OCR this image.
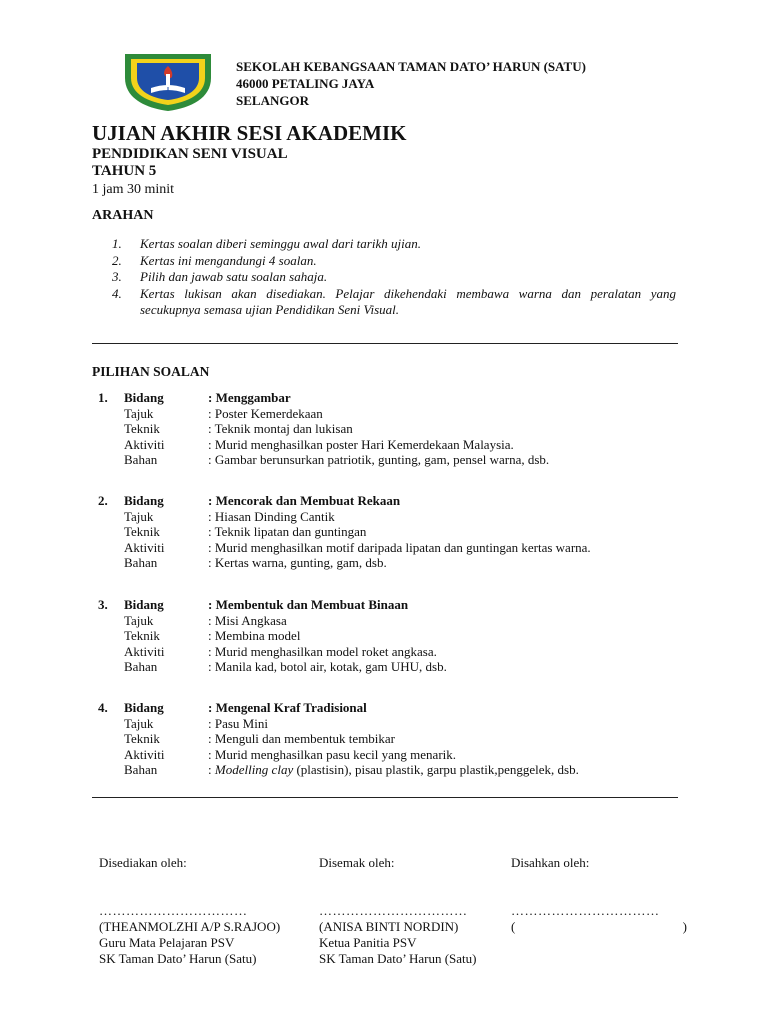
SEKOLAH KEBANGSAAN TAMAN DATO’ HARUN (SATU)
46000 PETALING JAYA
SELANGOR
UJIAN AKHIR SESI AKADEMIK
PENDIDIKAN SENI VISUAL
TAHUN 5
1 jam 30 minit
ARAHAN
1.	Kertas soalan diberi seminggu awal dari tarikh ujian.
2.	Kertas ini mengandungi 4 soalan.
3.	Pilih dan jawab satu soalan sahaja.
4.	Kertas lukisan akan disediakan. Pelajar dikehendaki membawa warna dan peralatan yang secukupnya semasa ujian Pendidikan Seni Visual.
PILIHAN SOALAN
1.	Bidang	: Menggambar
Tajuk	: Poster Kemerdekaan
Teknik	: Teknik montaj dan lukisan
Aktiviti	: Murid menghasilkan poster Hari Kemerdekaan Malaysia.
Bahan	: Gambar berunsurkan patriotik, gunting, gam, pensel warna, dsb.
2.	Bidang	: Mencorak dan Membuat Rekaan
Tajuk	: Hiasan Dinding Cantik
Teknik	: Teknik lipatan dan guntingan
Aktiviti	: Murid menghasilkan motif daripada lipatan dan guntingan kertas warna.
Bahan	: Kertas warna, gunting, gam, dsb.
3.	Bidang	: Membentuk dan Membuat Binaan
Tajuk	: Misi Angkasa
Teknik	: Membina model
Aktiviti	: Murid menghasilkan model roket angkasa.
Bahan	: Manila kad, botol air, kotak, gam UHU, dsb.
4.	Bidang	: Mengenal Kraf Tradisional
Tajuk	: Pasu Mini
Teknik	: Menguli dan membentuk tembikar
Aktiviti	: Murid menghasilkan pasu kecil yang menarik.
Bahan	: Modelling clay (plastisin), pisau plastik, garpu plastik,penggelek, dsb.
Disediakan oleh:
……………………………
(THEANMOLZHI A/P S.RAJOO)
Guru Mata Pelajaran PSV
SK Taman Dato’ Harun (Satu)
Disemak oleh:
……………………………
(ANISA BINTI NORDIN)
Ketua Panitia PSV
SK Taman Dato’ Harun (Satu)
Disahkan oleh:
……………………………
(	)
